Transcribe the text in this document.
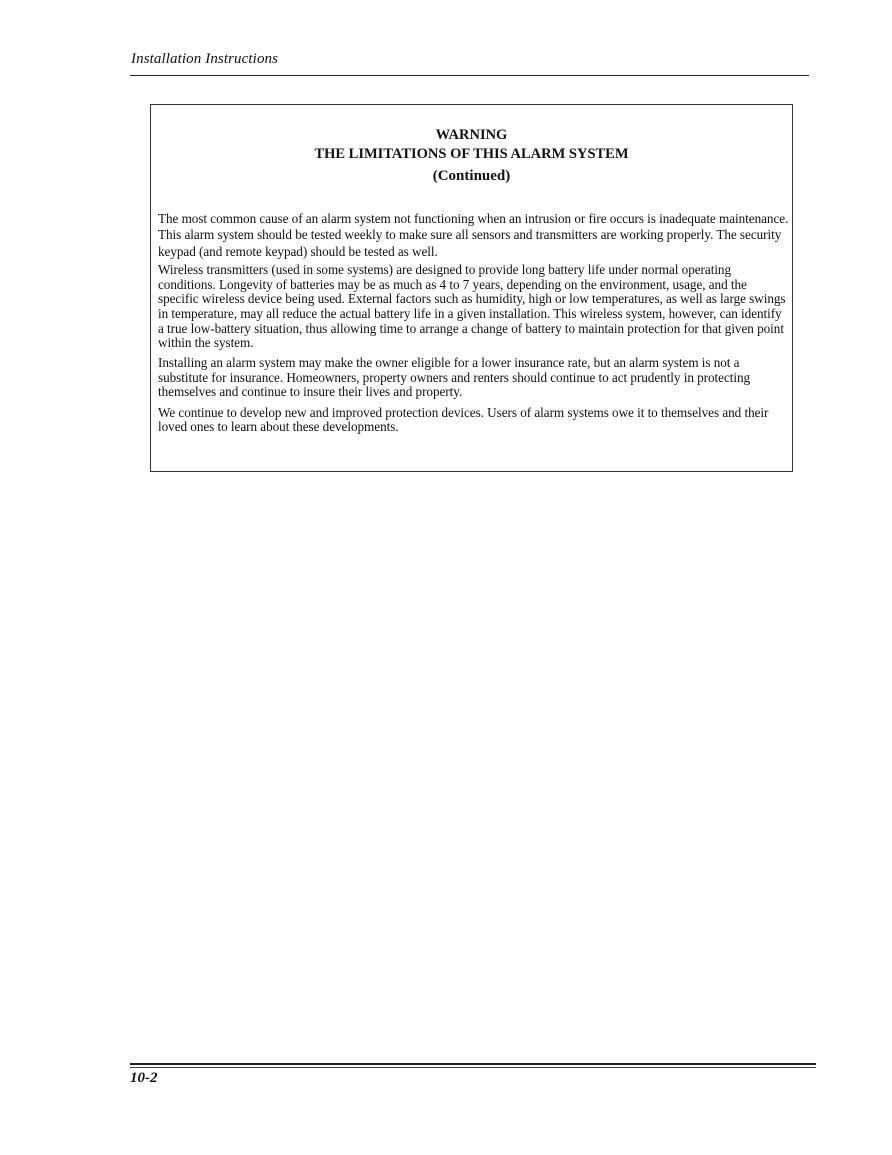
Installation Instructions
WARNING
THE LIMITATIONS OF THIS ALARM SYSTEM
(Continued)

The most common cause of an alarm system not functioning when an intrusion or fire occurs is inadequate maintenance. This alarm system should be tested weekly to make sure all sensors and transmitters are working properly. The security keypad (and remote keypad) should be tested as well.

Wireless transmitters (used in some systems) are designed to provide long battery life under normal operating conditions. Longevity of batteries may be as much as 4 to 7 years, depending on the environment, usage, and the specific wireless device being used. External factors such as humidity, high or low temperatures, as well as large swings in temperature, may all reduce the actual battery life in a given installation. This wireless system, however, can identify a true low-battery situation, thus allowing time to arrange a change of battery to maintain protection for that given point within the system.

Installing an alarm system may make the owner eligible for a lower insurance rate, but an alarm system is not a substitute for insurance. Homeowners, property owners and renters should continue to act prudently in protecting themselves and continue to insure their lives and property.

We continue to develop new and improved protection devices. Users of alarm systems owe it to themselves and their loved ones to learn about these developments.

10-2
